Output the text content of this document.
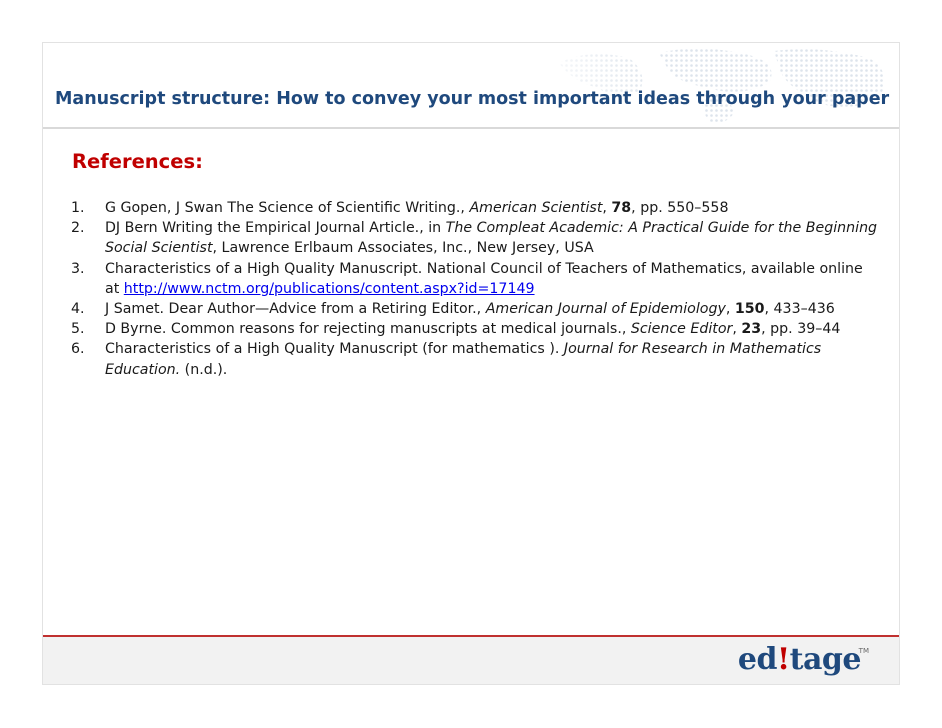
Manuscript structure: How to convey your most important ideas through your paper
References:
1. G Gopen, J Swan The Science of Scientific Writing., American Scientist, 78, pp. 550–558
2. DJ Bern Writing the Empirical Journal Article., in The Compleat Academic: A Practical Guide for the Beginning Social Scientist, Lawrence Erlbaum Associates, Inc., New Jersey, USA
3. Characteristics of a High Quality Manuscript. National Council of Teachers of Mathematics, available online at http://www.nctm.org/publications/content.aspx?id=17149
4. J Samet. Dear Author—Advice from a Retiring Editor., American Journal of Epidemiology, 150, 433–436
5. D Byrne. Common reasons for rejecting manuscripts at medical journals., Science Editor, 23, pp. 39–44
6. Characteristics of a High Quality Manuscript (for mathematics ). Journal for Research in Mathematics Education. (n.d.).
ed!tage
TM
